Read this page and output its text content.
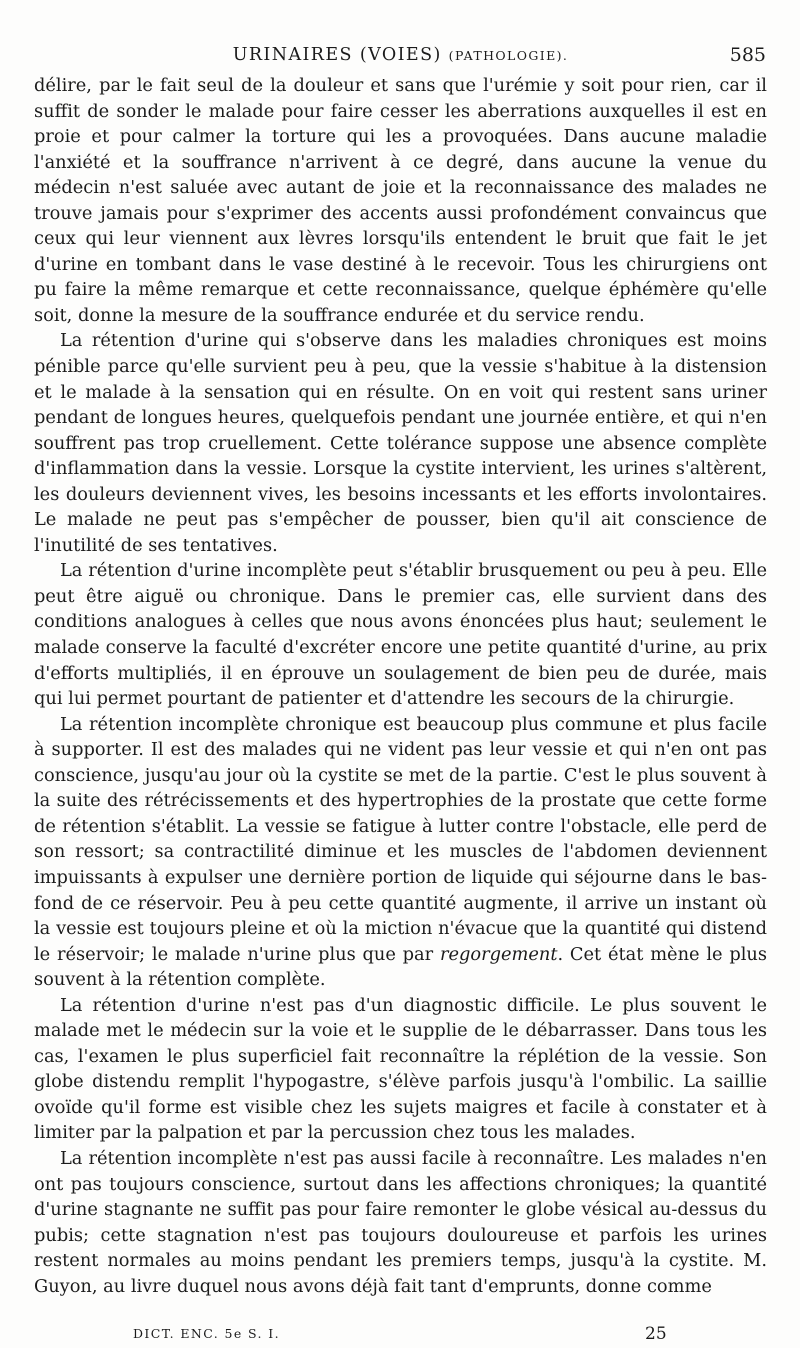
URINAIRES (VOIES) (PATHOLOGIE).	585

délire, par le fait seul de la douleur et sans que l'urémie y soit pour rien, car il suffit de sonder le malade pour faire cesser les aberrations auxquelles il est en proie et pour calmer la torture qui les a provoquées. Dans aucune maladie l'anxiété et la souffrance n'arrivent à ce degré, dans aucune la venue du médecin n'est saluée avec autant de joie et la reconnaissance des malades ne trouve jamais pour s'exprimer des accents aussi profondément convaincus que ceux qui leur viennent aux lèvres lorsqu'ils entendent le bruit que fait le jet d'urine en tombant dans le vase destiné à le recevoir. Tous les chirurgiens ont pu faire la même remarque et cette reconnaissance, quelque éphémère qu'elle soit, donne la mesure de la souffrance endurée et du service rendu.

La rétention d'urine qui s'observe dans les maladies chroniques est moins pénible parce qu'elle survient peu à peu, que la vessie s'habitue à la distension et le malade à la sensation qui en résulte. On en voit qui restent sans uriner pendant de longues heures, quelquefois pendant une journée entière, et qui n'en souffrent pas trop cruellement. Cette tolérance suppose une absence complète d'inflammation dans la vessie. Lorsque la cystite intervient, les urines s'altèrent, les douleurs deviennent vives, les besoins incessants et les efforts involontaires. Le malade ne peut pas s'empêcher de pousser, bien qu'il ait conscience de l'inutilité de ses tentatives.

La rétention d'urine incomplète peut s'établir brusquement ou peu à peu. Elle peut être aiguë ou chronique. Dans le premier cas, elle survient dans des conditions analogues à celles que nous avons énoncées plus haut; seulement le malade conserve la faculté d'excréter encore une petite quantité d'urine, au prix d'efforts multipliés, il en éprouve un soulagement de bien peu de durée, mais qui lui permet pourtant de patienter et d'attendre les secours de la chirurgie.

La rétention incomplète chronique est beaucoup plus commune et plus facile à supporter. Il est des malades qui ne vident pas leur vessie et qui n'en ont pas conscience, jusqu'au jour où la cystite se met de la partie. C'est le plus souvent à la suite des rétrécissements et des hypertrophies de la prostate que cette forme de rétention s'établit. La vessie se fatigue à lutter contre l'obstacle, elle perd de son ressort; sa contractilité diminue et les muscles de l'abdomen deviennent impuissants à expulser une dernière portion de liquide qui séjourne dans le bas-fond de ce réservoir. Peu à peu cette quantité augmente, il arrive un instant où la vessie est toujours pleine et où la miction n'évacue que la quantité qui distend le réservoir; le malade n'urine plus que par regorgement. Cet état mène le plus souvent à la rétention complète.

La rétention d'urine n'est pas d'un diagnostic difficile. Le plus souvent le malade met le médecin sur la voie et le supplie de le débarrasser. Dans tous les cas, l'examen le plus superficiel fait reconnaître la réplétion de la vessie. Son globe distendu remplit l'hypogastre, s'élève parfois jusqu'à l'ombilic. La saillie ovoïde qu'il forme est visible chez les sujets maigres et facile à constater et à limiter par la palpation et par la percussion chez tous les malades.

La rétention incomplète n'est pas aussi facile à reconnaître. Les malades n'en ont pas toujours conscience, surtout dans les affections chroniques; la quantité d'urine stagnante ne suffit pas pour faire remonter le globe vésical au-dessus du pubis; cette stagnation n'est pas toujours douloureuse et parfois les urines restent normales au moins pendant les premiers temps, jusqu'à la cystite. M. Guyon, au livre duquel nous avons déjà fait tant d'emprunts, donne comme

DICT. ENC. 5e S. I.	25
